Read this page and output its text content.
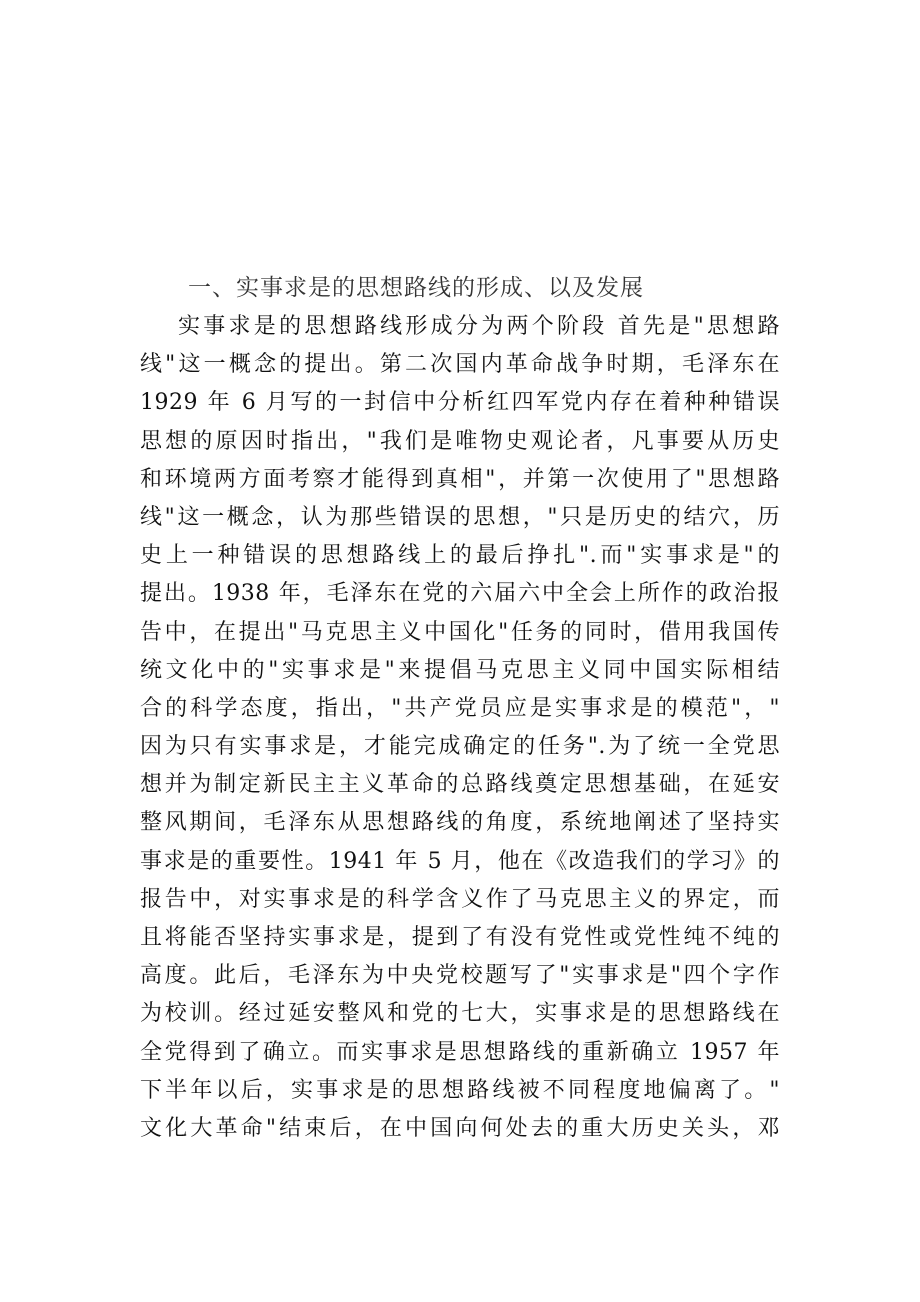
一、实事求是的思想路线的形成、以及发展
实事求是的思想路线形成分为两个阶段 首先是"思想路
线"这一概念的提出。第二次国内革命战争时期，毛泽东在
1929 年 6 月写的一封信中分析红四军党内存在着种种错误
思想的原因时指出，"我们是唯物史观论者，凡事要从历史
和环境两方面考察才能得到真相"，并第一次使用了"思想路
线"这一概念，认为那些错误的思想，"只是历史的结穴，历
史上一种错误的思想路线上的最后挣扎".而"实事求是"的
提出。1938 年，毛泽东在党的六届六中全会上所作的政治报
告中，在提出"马克思主义中国化"任务的同时，借用我国传
统文化中的"实事求是"来提倡马克思主义同中国实际相结
合的科学态度，指出，"共产党员应是实事求是的模范"，"
因为只有实事求是，才能完成确定的任务".为了统一全党思
想并为制定新民主主义革命的总路线奠定思想基础，在延安
整风期间，毛泽东从思想路线的角度，系统地阐述了坚持实
事求是的重要性。1941 年 5 月，他在《改造我们的学习》的
报告中，对实事求是的科学含义作了马克思主义的界定，而
且将能否坚持实事求是，提到了有没有党性或党性纯不纯的
高度。此后，毛泽东为中央党校题写了"实事求是"四个字作
为校训。经过延安整风和党的七大，实事求是的思想路线在
全党得到了确立。而实事求是思想路线的重新确立 1957 年
下半年以后，实事求是的思想路线被不同程度地偏离了。"
文化大革命"结束后，在中国向何处去的重大历史关头，邓
